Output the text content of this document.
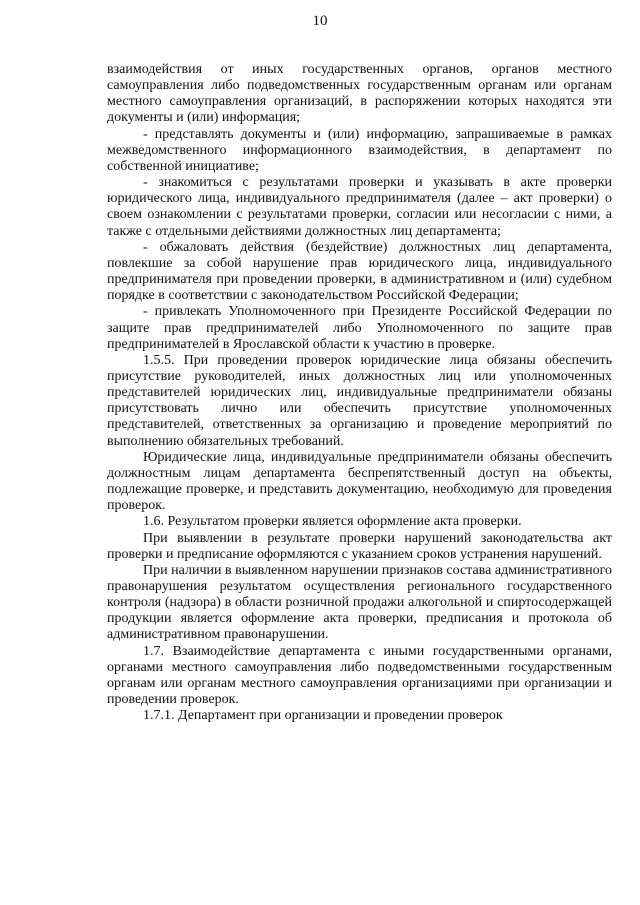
10

взаимодействия от иных государственных органов, органов местного самоуправления либо подведомственных государственным органам или органам местного самоуправления организаций, в распоряжении которых находятся эти документы и (или) информация;

- представлять документы и (или) информацию, запрашиваемые в рамках межведомственного информационного взаимодействия, в департамент по собственной инициативе;

- знакомиться с результатами проверки и указывать в акте проверки юридического лица, индивидуального предпринимателя (далее – акт проверки) о своем ознакомлении с результатами проверки, согласии или несогласии с ними, а также с отдельными действиями должностных лиц департамента;

- обжаловать действия (бездействие) должностных лиц департамента, повлекшие за собой нарушение прав юридического лица, индивидуального предпринимателя при проведении проверки, в административном и (или) судебном порядке в соответствии с законодательством Российской Федерации;

- привлекать Уполномоченного при Президенте Российской Федерации по защите прав предпринимателей либо Уполномоченного по защите прав предпринимателей в Ярославской области к участию в проверке.

1.5.5. При проведении проверок юридические лица обязаны обеспечить присутствие руководителей, иных должностных лиц или уполномоченных представителей юридических лиц, индивидуальные предприниматели обязаны присутствовать лично или обеспечить присутствие уполномоченных представителей, ответственных за организацию и проведение мероприятий по выполнению обязательных требований.

Юридические лица, индивидуальные предприниматели обязаны обеспечить должностным лицам департамента беспрепятственный доступ на объекты, подлежащие проверке, и представить документацию, необходимую для проведения проверок.

1.6. Результатом проверки является оформление акта проверки.

При выявлении в результате проверки нарушений законодательства акт проверки и предписание оформляются с указанием сроков устранения нарушений.

При наличии в выявленном нарушении признаков состава административного правонарушения результатом осуществления регионального государственного контроля (надзора) в области розничной продажи алкогольной и спиртосодержащей продукции является оформление акта проверки, предписания и протокола об административном правонарушении.

1.7. Взаимодействие департамента с иными государственными органами, органами местного самоуправления либо подведомственными государственным органам или органам местного самоуправления организациями при организации и проведении проверок.

1.7.1. Департамент при организации и проведении проверок
